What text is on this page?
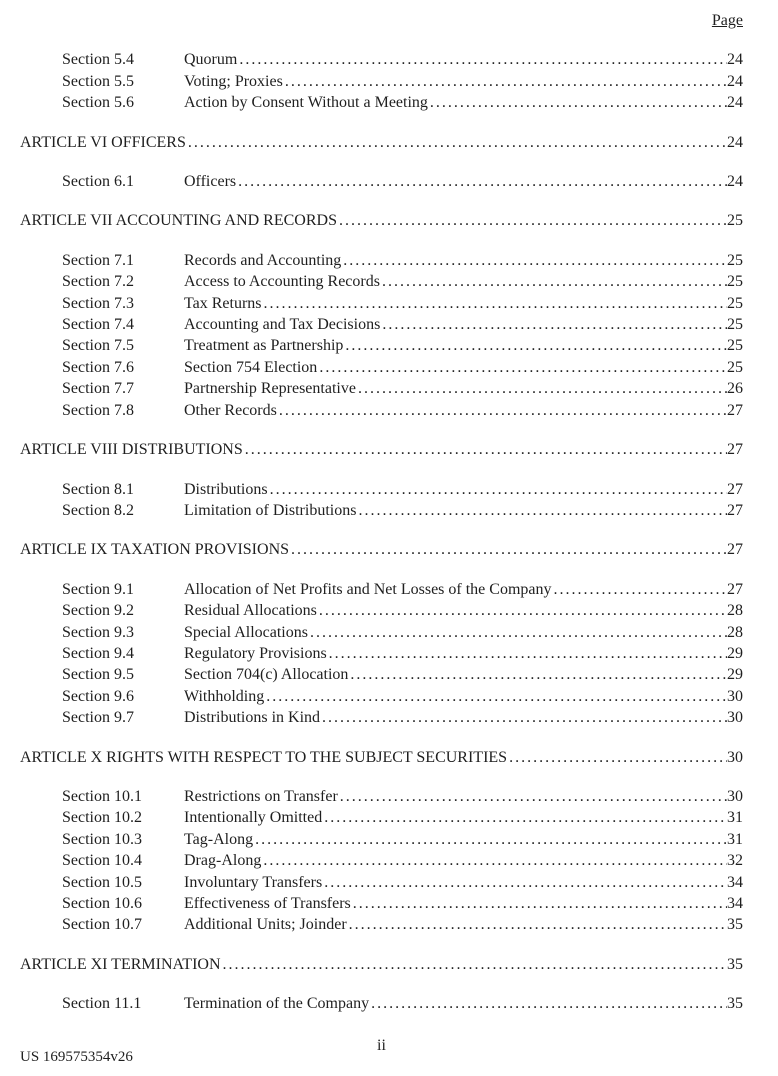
Page
Section 5.4	Quorum .....	24
Section 5.5	Voting; Proxies .....	24
Section 5.6	Action by Consent Without a Meeting .....	24
ARTICLE VI OFFICERS .....	24
Section 6.1	Officers .....	24
ARTICLE VII ACCOUNTING AND RECORDS .....	25
Section 7.1	Records and Accounting .....	25
Section 7.2	Access to Accounting Records .....	25
Section 7.3	Tax Returns .....	25
Section 7.4	Accounting and Tax Decisions .....	25
Section 7.5	Treatment as Partnership .....	25
Section 7.6	Section 754 Election .....	25
Section 7.7	Partnership Representative .....	26
Section 7.8	Other Records .....	27
ARTICLE VIII DISTRIBUTIONS .....	27
Section 8.1	Distributions .....	27
Section 8.2	Limitation of Distributions .....	27
ARTICLE IX TAXATION PROVISIONS .....	27
Section 9.1	Allocation of Net Profits and Net Losses of the Company .....	27
Section 9.2	Residual Allocations .....	28
Section 9.3	Special Allocations .....	28
Section 9.4	Regulatory Provisions .....	29
Section 9.5	Section 704(c) Allocation .....	29
Section 9.6	Withholding .....	30
Section 9.7	Distributions in Kind .....	30
ARTICLE X RIGHTS WITH RESPECT TO THE SUBJECT SECURITIES .....	30
Section 10.1	Restrictions on Transfer .....	30
Section 10.2	Intentionally Omitted .....	31
Section 10.3	Tag-Along .....	31
Section 10.4	Drag-Along .....	32
Section 10.5	Involuntary Transfers .....	34
Section 10.6	Effectiveness of Transfers .....	34
Section 10.7	Additional Units; Joinder .....	35
ARTICLE XI TERMINATION .....	35
Section 11.1	Termination of the Company .....	35
ii
US 169575354v26
